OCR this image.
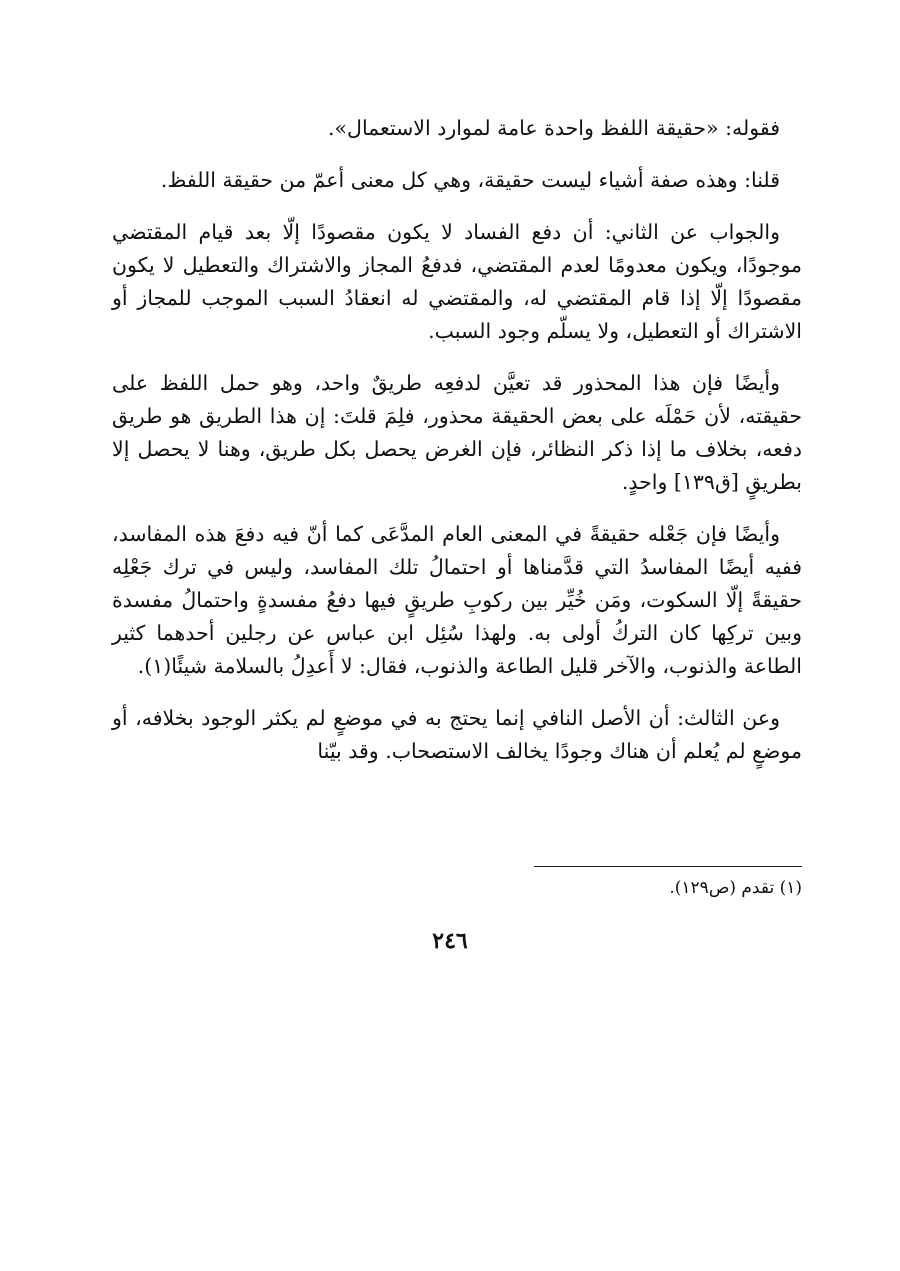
فقوله: «حقيقة اللفظ واحدة عامة لموارد الاستعمال».

قلنا: وهذه صفة أشياء ليست حقيقة، وهي كل معنى أعمّ من حقيقة اللفظ.

والجواب عن الثاني: أن دفع الفساد لا يكون مقصودًا إلّا بعد قيام المقتضي موجودًا، ويكون معدومًا لعدم المقتضي، فدفعُ المجاز والاشتراك والتعطيل لا يكون مقصودًا إلّا إذا قام المقتضي له، والمقتضي له انعقادُ السبب الموجب للمجاز أو الاشتراك أو التعطيل، ولا يسلّم وجود السبب.

وأيضًا فإن هذا المحذور قد تعيَّن لدفعِه طريقٌ واحد، وهو حمل اللفظ على حقيقته، لأن حَمْلَه على بعض الحقيقة محذور، فلِمَ قلتَ: إن هذا الطريق هو طريق دفعه، بخلاف ما إذا ذكر النظائر، فإن الغرض يحصل بكل طريق، وهنا لا يحصل إلا بطريقٍ [ق١٣٩] واحدٍ.

وأيضًا فإن جَعْله حقيقةً في المعنى العام المدَّعَى كما أنّ فيه دفعَ هذه المفاسد، ففيه أيضًا المفاسدُ التي قدَّمناها أو احتمالُ تلك المفاسد، وليس في ترك جَعْلِه حقيقةً إلّا السكوت، ومَن خُيِّر بين ركوبِ طريقٍ فيها دفعُ مفسدةٍ واحتمالُ مفسدة وبين تركِها كان التركُ أولى به. ولهذا سُئِل ابن عباس عن رجلين أحدهما كثير الطاعة والذنوب، والآخر قليل الطاعة والذنوب، فقال: لا أَعدِلُ بالسلامة شيئًا(١).

وعن الثالث: أن الأصل النافي إنما يحتج به في موضعٍ لم يكثر الوجود بخلافه، أو موضعٍ لم يُعلم أن هناك وجودًا يخالف الاستصحاب. وقد بيّنا

(١) تقدم (ص١٢٩).
٢٤٦
